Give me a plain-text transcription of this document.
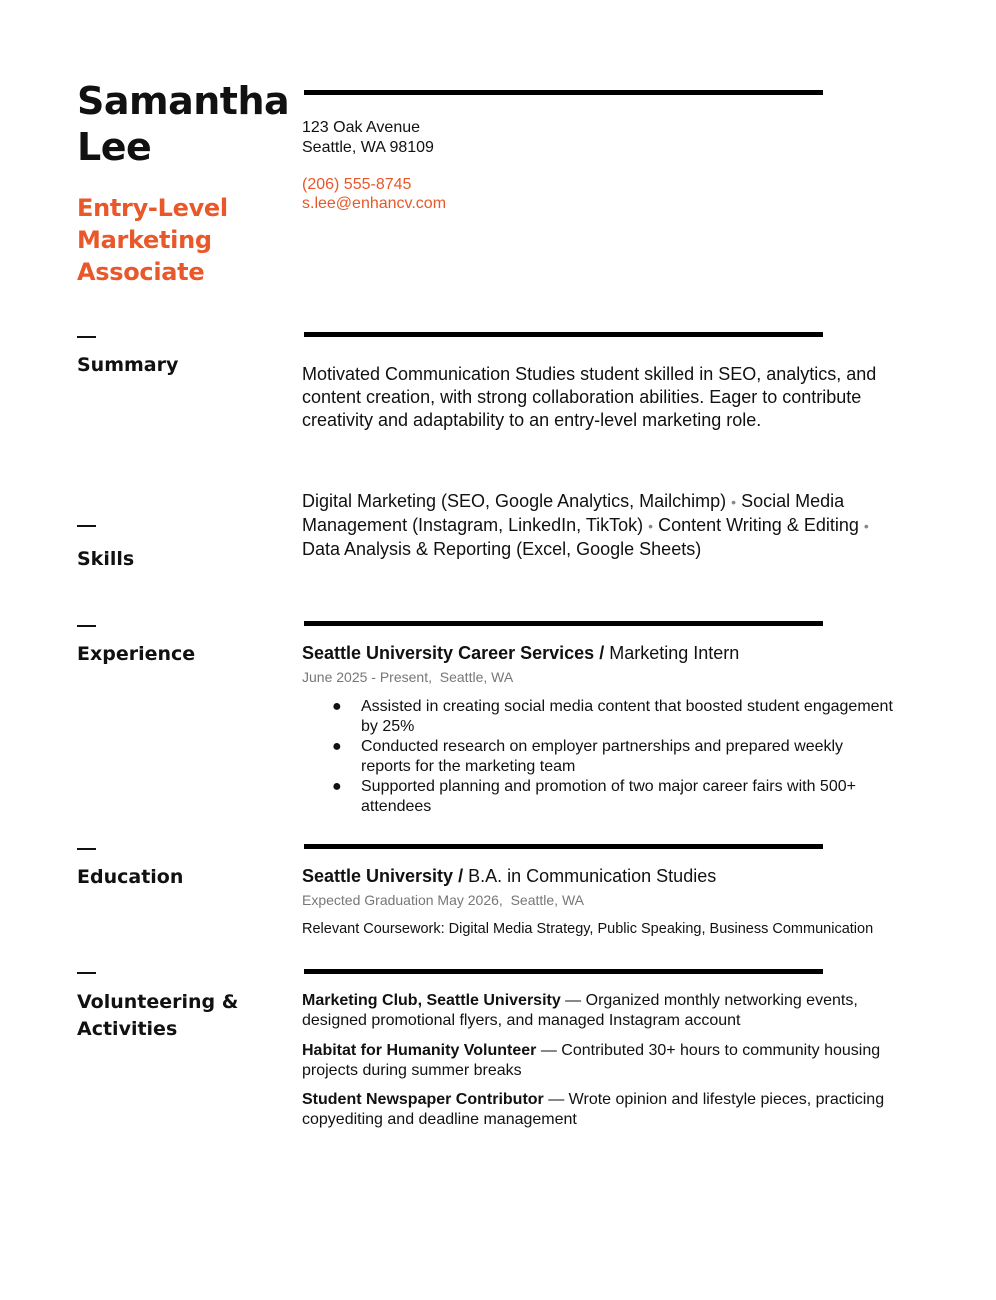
Samantha
Lee
Entry-Level
Marketing
Associate
123 Oak Avenue
Seattle, WA 98109
(206) 555-8745
s.lee@enhancv.com
Summary	Motivated Communication Studies student skilled in SEO, analytics, and
content creation, with strong collaboration abilities. Eager to contribute
creativity and adaptability to an entry-level marketing role.

Skills

Digital Marketing (SEO, Google Analytics, Mailchimp) • Social Media
Management (Instagram, LinkedIn, TikTok) • Content Writing & Editing •
Data Analysis & Reporting (Excel, Google Sheets)

Experience	Seattle University Career Services / Marketing Intern

June 2025 - Present, Seattle, WA

● Assisted in creating social media content that boosted student engagement
by 25%
● Conducted research on employer partnerships and prepared weekly
reports for the marketing team
● Supported planning and promotion of two major career fairs with 500+
attendees
Education	Seattle University / B.A. in Communication Studies

Expected Graduation May 2026, Seattle, WA

Relevant Coursework: Digital Media Strategy, Public Speaking, Business Communication

Volunteering &
Activities

Marketing Club, Seattle University — Organized monthly networking events,
designed promotional flyers, and managed Instagram account

Habitat for Humanity Volunteer — Contributed 30+ hours to community housing
projects during summer breaks

Student Newspaper Contributor — Wrote opinion and lifestyle pieces, practicing
copyediting and deadline management
